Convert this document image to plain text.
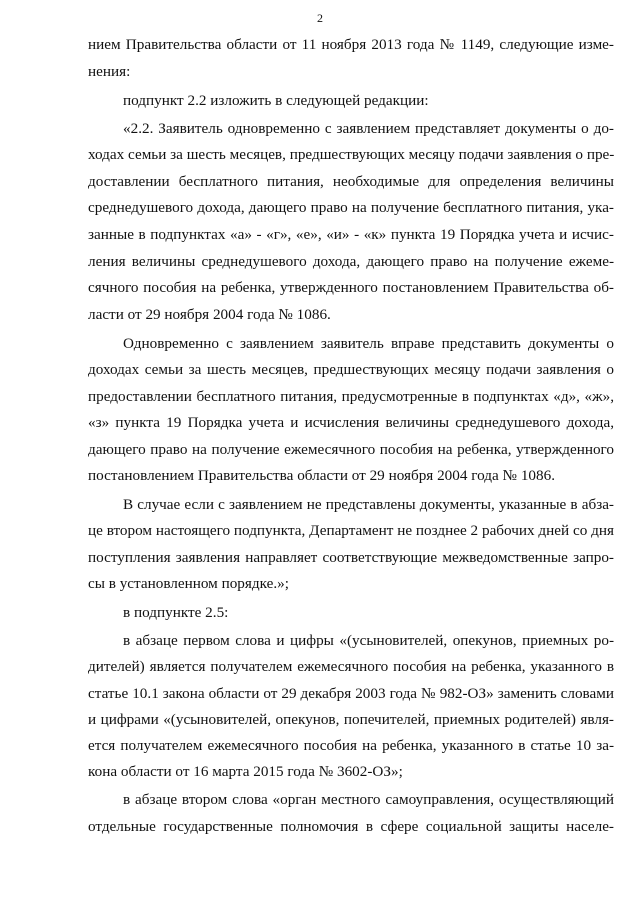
2
нием Правительства области от 11 ноября 2013 года № 1149, следующие изме-
нения:
подпункт 2.2 изложить в следующей редакции:
«2.2. Заявитель одновременно с заявлением представляет документы о до-
ходах семьи за шесть месяцев, предшествующих месяцу подачи заявления о пре-
доставлении бесплатного питания, необходимые для определения величины
среднедушевого дохода, дающего право на получение бесплатного питания, ука-
занные в подпунктах «а» - «г», «е», «и» - «к» пункта 19 Порядка учета и исчис-
ления величины среднедушевого дохода, дающего право на получение ежеме-
сячного пособия на ребенка, утвержденного постановлением Правительства об-
ласти от 29 ноября 2004 года № 1086.
Одновременно с заявлением заявитель вправе представить документы о
доходах семьи за шесть месяцев, предшествующих месяцу подачи заявления о
предоставлении бесплатного питания, предусмотренные в подпунктах «д», «ж»,
«з» пункта 19 Порядка учета и исчисления величины среднедушевого дохода,
дающего право на получение ежемесячного пособия на ребенка, утвержденного
постановлением Правительства области от 29 ноября 2004 года № 1086.
В случае если с заявлением не представлены документы, указанные в абза-
це втором настоящего подпункта, Департамент не позднее 2 рабочих дней со дня
поступления заявления направляет соответствующие межведомственные запро-
сы в установленном порядке.»;
в подпункте 2.5:
в абзаце первом слова и цифры «(усыновителей, опекунов, приемных ро-
дителей) является получателем ежемесячного пособия на ребенка, указанного в
статье 10.1 закона области от 29 декабря 2003 года № 982-ОЗ» заменить словами
и цифрами «(усыновителей, опекунов, попечителей, приемных родителей) явля-
ется получателем ежемесячного пособия на ребенка, указанного в статье 10 за-
кона области от 16 марта 2015 года № 3602-ОЗ»;
в абзаце втором слова «орган местного самоуправления, осуществляющий
отдельные государственные полномочия в сфере социальной защиты населе-
